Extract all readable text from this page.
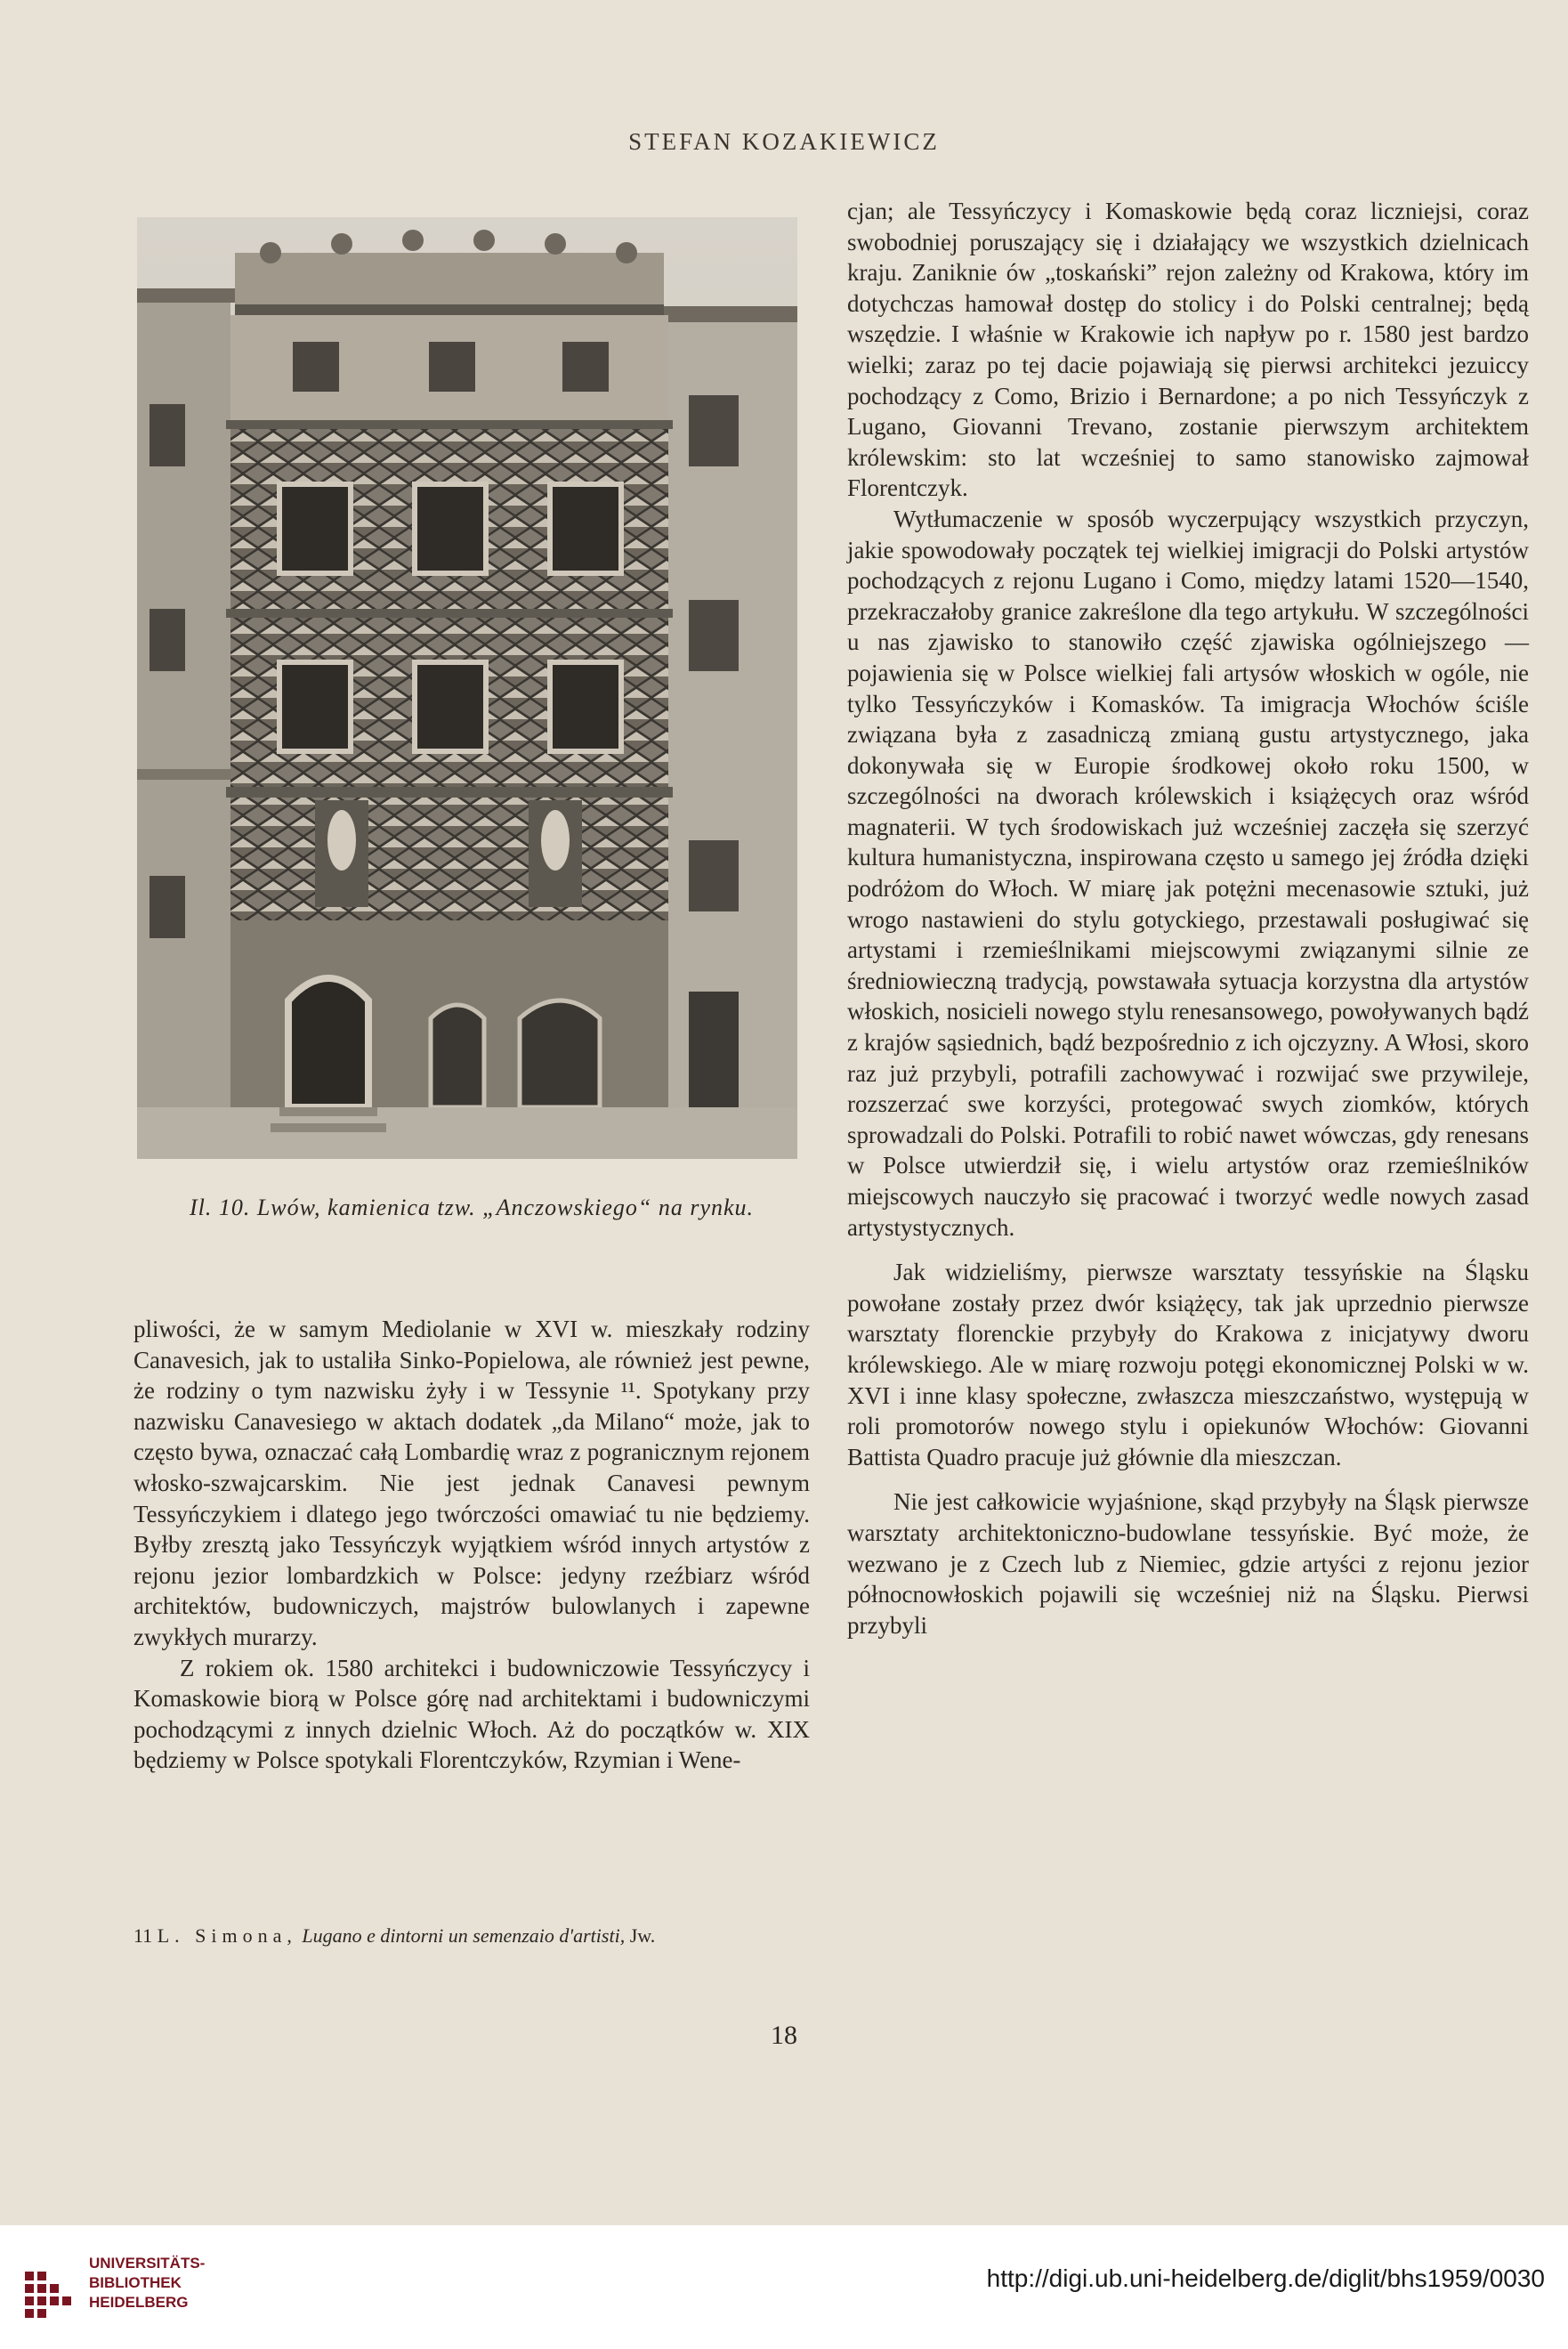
STEFAN KOZAKIEWICZ
Il. 10. Lwów, kamienica tzw. „Anczowskiego“ na rynku.

pliwości, że w samym Mediolanie w XVI w. mieszkały rodziny Canavesich, jak to ustaliła Sinko-Popielowa, ale również jest pewne, że rodziny o tym nazwisku żyły i w Tessynie ¹¹. Spotykany przy nazwisku Canavesiego w aktach dodatek „da Milano“ może, jak to często bywa, oznaczać całą Lombardię wraz z pogranicznym rejonem włosko-szwajcarskim. Nie jest jednak Canavesi pewnym Tessyńczykiem i dlatego jego twórczości omawiać tu nie będziemy. Byłby zresztą jako Tessyńczyk wyjątkiem wśród innych artystów z rejonu jezior lombardzkich w Polsce: jedyny rzeźbiarz wśród architektów, budowniczych, majstrów bulowlanych i zapewne zwykłych murarzy.

Z rokiem ok. 1580 architekci i budowniczowie Tessyńczycy i Komaskowie biorą w Polsce górę nad architektami i budowniczymi pochodzącymi z innych dzielnic Włoch. Aż do początków w. XIX będziemy w Polsce spotykali Florentczyków, Rzymian i Wene-

11 L. Simona, Lugano e dintorni un semenzaio d'artisti, Jw.

cjan; ale Tessyńczycy i Komaskowie będą coraz liczniejsi, coraz swobodniej poruszający się i działający we wszystkich dzielnicach kraju. Zaniknie ów „toskański” rejon zależny od Krakowa, który im dotychczas hamował dostęp do stolicy i do Polski centralnej; będą wszędzie. I właśnie w Krakowie ich napływ po r. 1580 jest bardzo wielki; zaraz po tej dacie pojawiają się pierwsi architekci jezuiccy pochodzący z Como, Brizio i Bernardone; a po nich Tessyńczyk z Lugano, Giovanni Trevano, zostanie pierwszym architektem królewskim: sto lat wcześniej to samo stanowisko zajmował Florentczyk.

Wytłumaczenie w sposób wyczerpujący wszystkich przyczyn, jakie spowodowały początek tej wielkiej imigracji do Polski artystów pochodzących z rejonu Lugano i Como, między latami 1520—1540, przekraczałoby granice zakreślone dla tego artykułu. W szczególności u nas zjawisko to stanowiło część zjawiska ogólniejszego — pojawienia się w Polsce wielkiej fali artysów włoskich w ogóle, nie tylko Tessyńczyków i Komasków. Ta imigracja Włochów ściśle związana była z zasadniczą zmianą gustu artystycznego, jaka dokonywała się w Europie środkowej około roku 1500, w szczególności na dworach królewskich i książęcych oraz wśród magnaterii. W tych środowiskach już wcześniej zaczęła się szerzyć kultura humanistyczna, inspirowana często u samego jej źródła dzięki podróżom do Włoch. W miarę jak potężni mecenasowie sztuki, już wrogo nastawieni do stylu gotyckiego, przestawali posługiwać się artystami i rzemieślnikami miejscowymi związanymi silnie ze średniowieczną tradycją, powstawała sytuacja korzystna dla artystów włoskich, nosicieli nowego stylu renesansowego, powoływanych bądź z krajów sąsiednich, bądź bezpośrednio z ich ojczyzny. A Włosi, skoro raz już przybyli, potrafili zachowywać i rozwijać swe przywileje, rozszerzać swe korzyści, protegować swych ziomków, których sprowadzali do Polski. Potrafili to robić nawet wówczas, gdy renesans w Polsce utwierdził się, i wielu artystów oraz rzemieślników miejscowych nauczyło się pracować i tworzyć wedle nowych zasad artystystycznych.

Jak widzieliśmy, pierwsze warsztaty tessyńskie na Śląsku powołane zostały przez dwór książęcy, tak jak uprzednio pierwsze warsztaty florenckie przybyły do Krakowa z inicjatywy dworu królewskiego. Ale w miarę rozwoju potęgi ekonomicznej Polski w w. XVI i inne klasy społeczne, zwłaszcza mieszczaństwo, występują w roli promotorów nowego stylu i opiekunów Włochów: Giovanni Battista Quadro pracuje już głównie dla mieszczan.

Nie jest całkowicie wyjaśnione, skąd przybyły na Śląsk pierwsze warsztaty architektoniczno-budowlane tessyńskie. Być może, że wezwano je z Czech lub z Niemiec, gdzie artyści z rejonu jezior północnowłoskich pojawili się wcześniej niż na Śląsku. Pierwsi przybyli

18
UNIVERSITÄTS-
BIBLIOTHEK
HEIDELBERG
http://digi.ub.uni-heidelberg.de/diglit/bhs1959/0030
